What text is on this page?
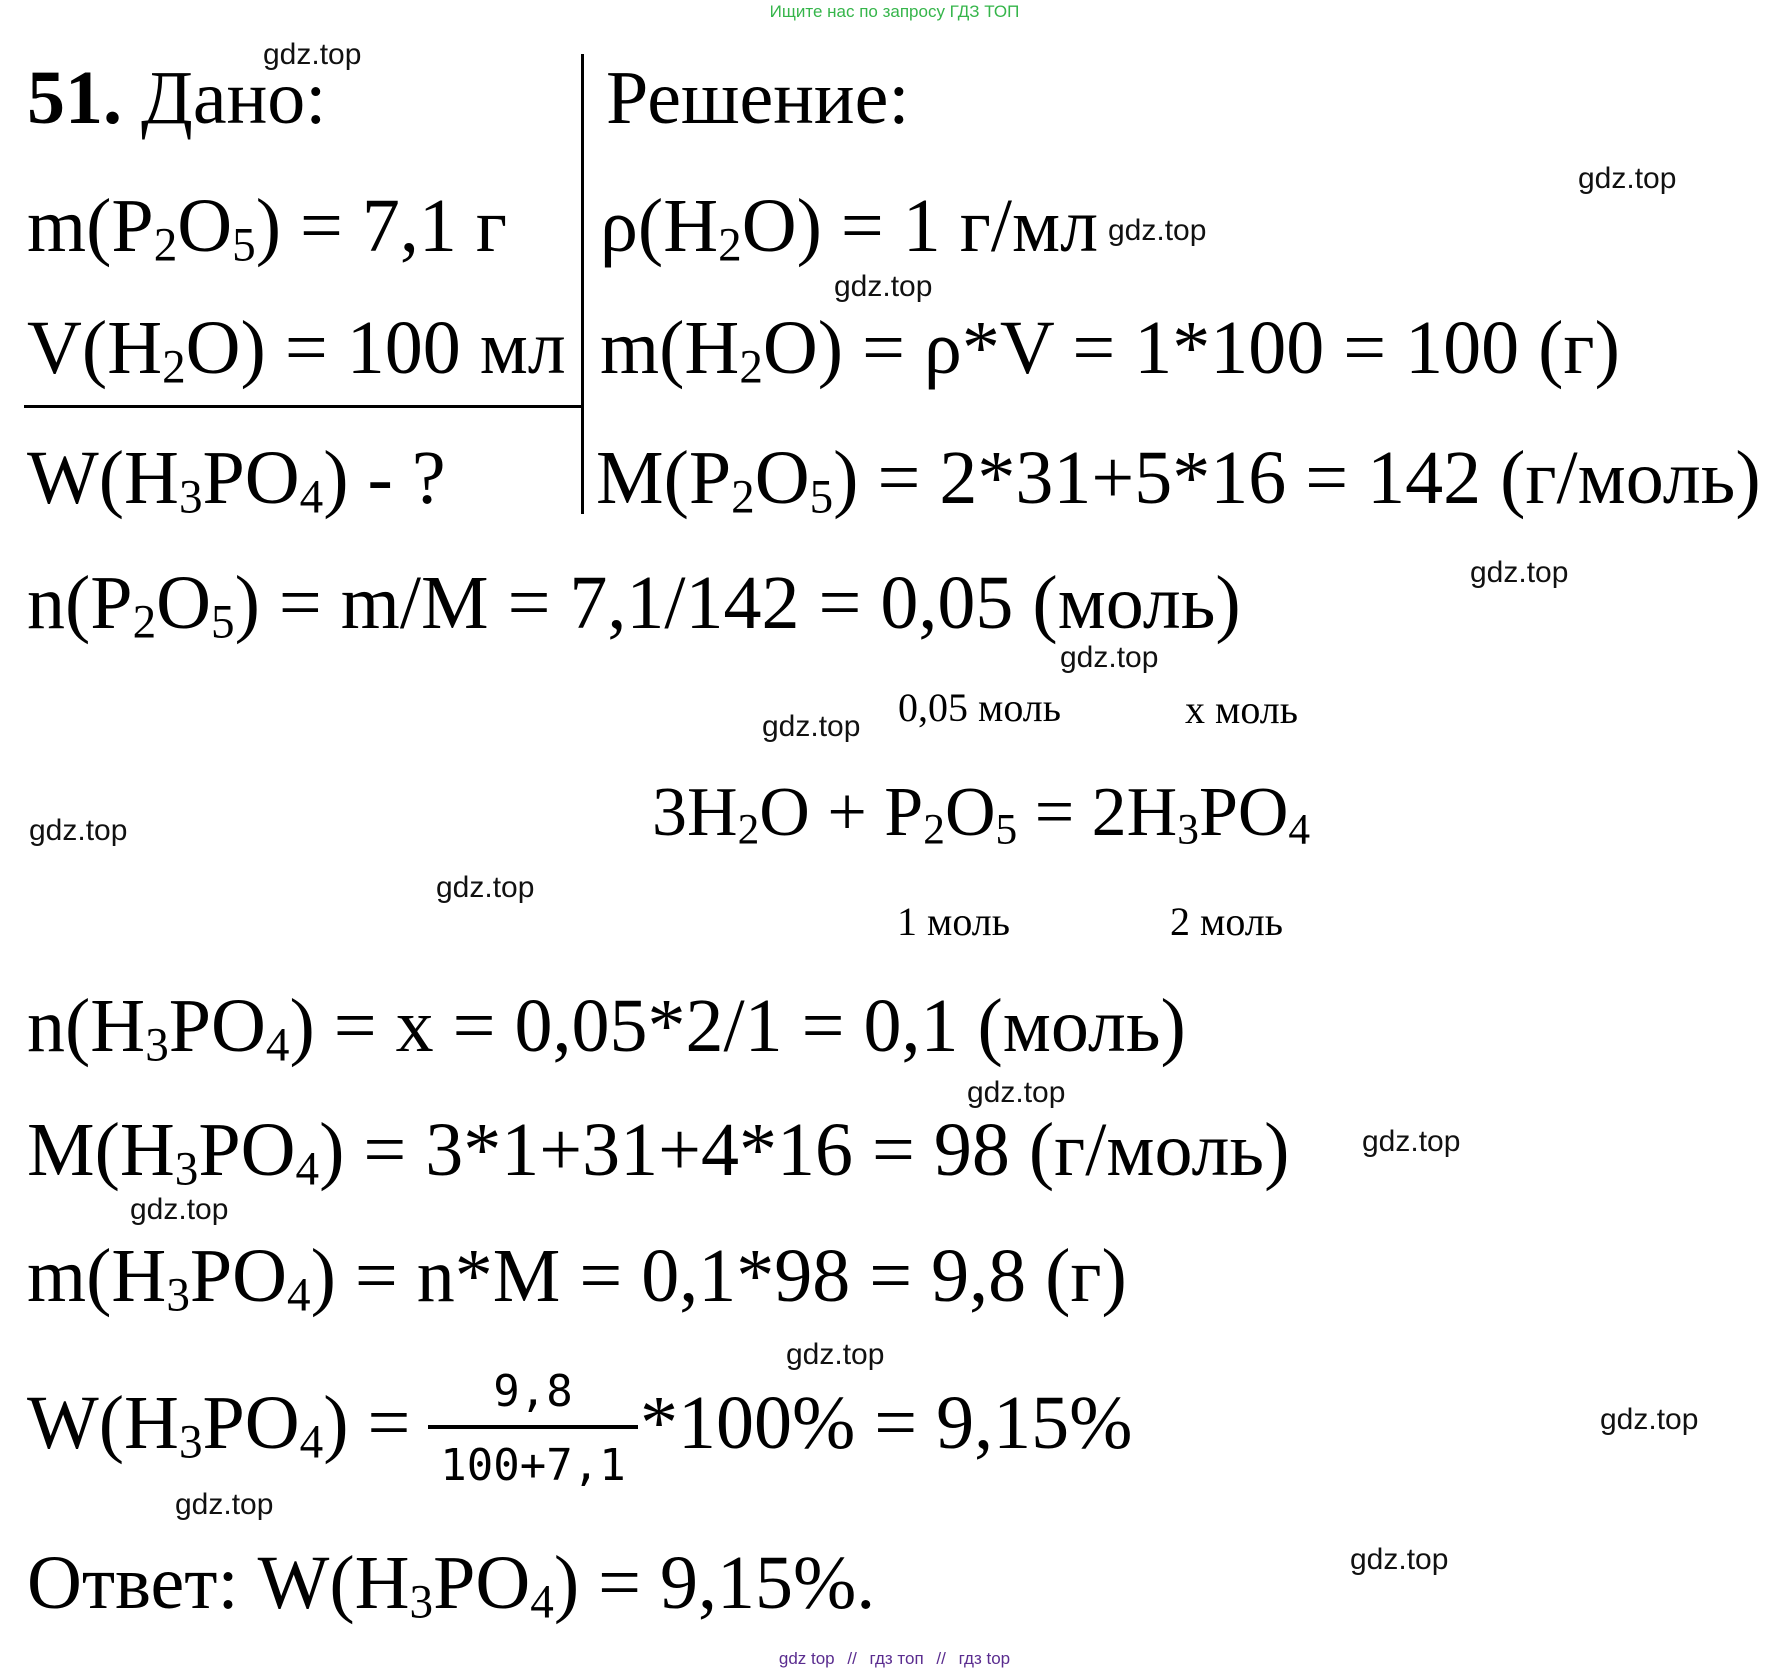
Ищите нас по запросу ГДЗ ТОП
51. Дано:	Решение:
$m(P_2O_5) = 7,1$ г
$V(H_2O) = 100$ мл
$W(H_3PO_4)$ - ?
$\rho(H_2O) = 1$ г/мл
$m(H_2O) = \rho*V = 1*100 = 100$ (г)
$M(P_2O_5) = 2*31+5*16 = 142$ (г/моль)
$n(P_2O_5) = m/M = 7,1/142 = 0,05$ (моль)
0,05 моль	х моль
$3H_2O + P_2O_5 = 2H_3PO_4$
1 моль	2 моль
$n(H_3PO_4) = х = 0,05*2/1 = 0,1$ (моль)
$M(H_3PO_4) = 3*1+31+4*16 = 98$ (г/моль)
$m(H_3PO_4) = n*M = 0,1*98 = 9,8$ (г)
$W(H_3PO_4)$ =	9,8
100+7,1
*100% = 9,15%
Ответ: $W(H_3PO_4) = 9,15\%$.
gdz.top
gdz.top
gdz.top
gdz.top
gdz.top
gdz.top
gdz.top
gdz.top
gdz.top
gdz.top
gdz.top
gdz.top
gdz.top
gdz.top
gdz.top
gdz.top
gdz top // гдз топ // гдз top
